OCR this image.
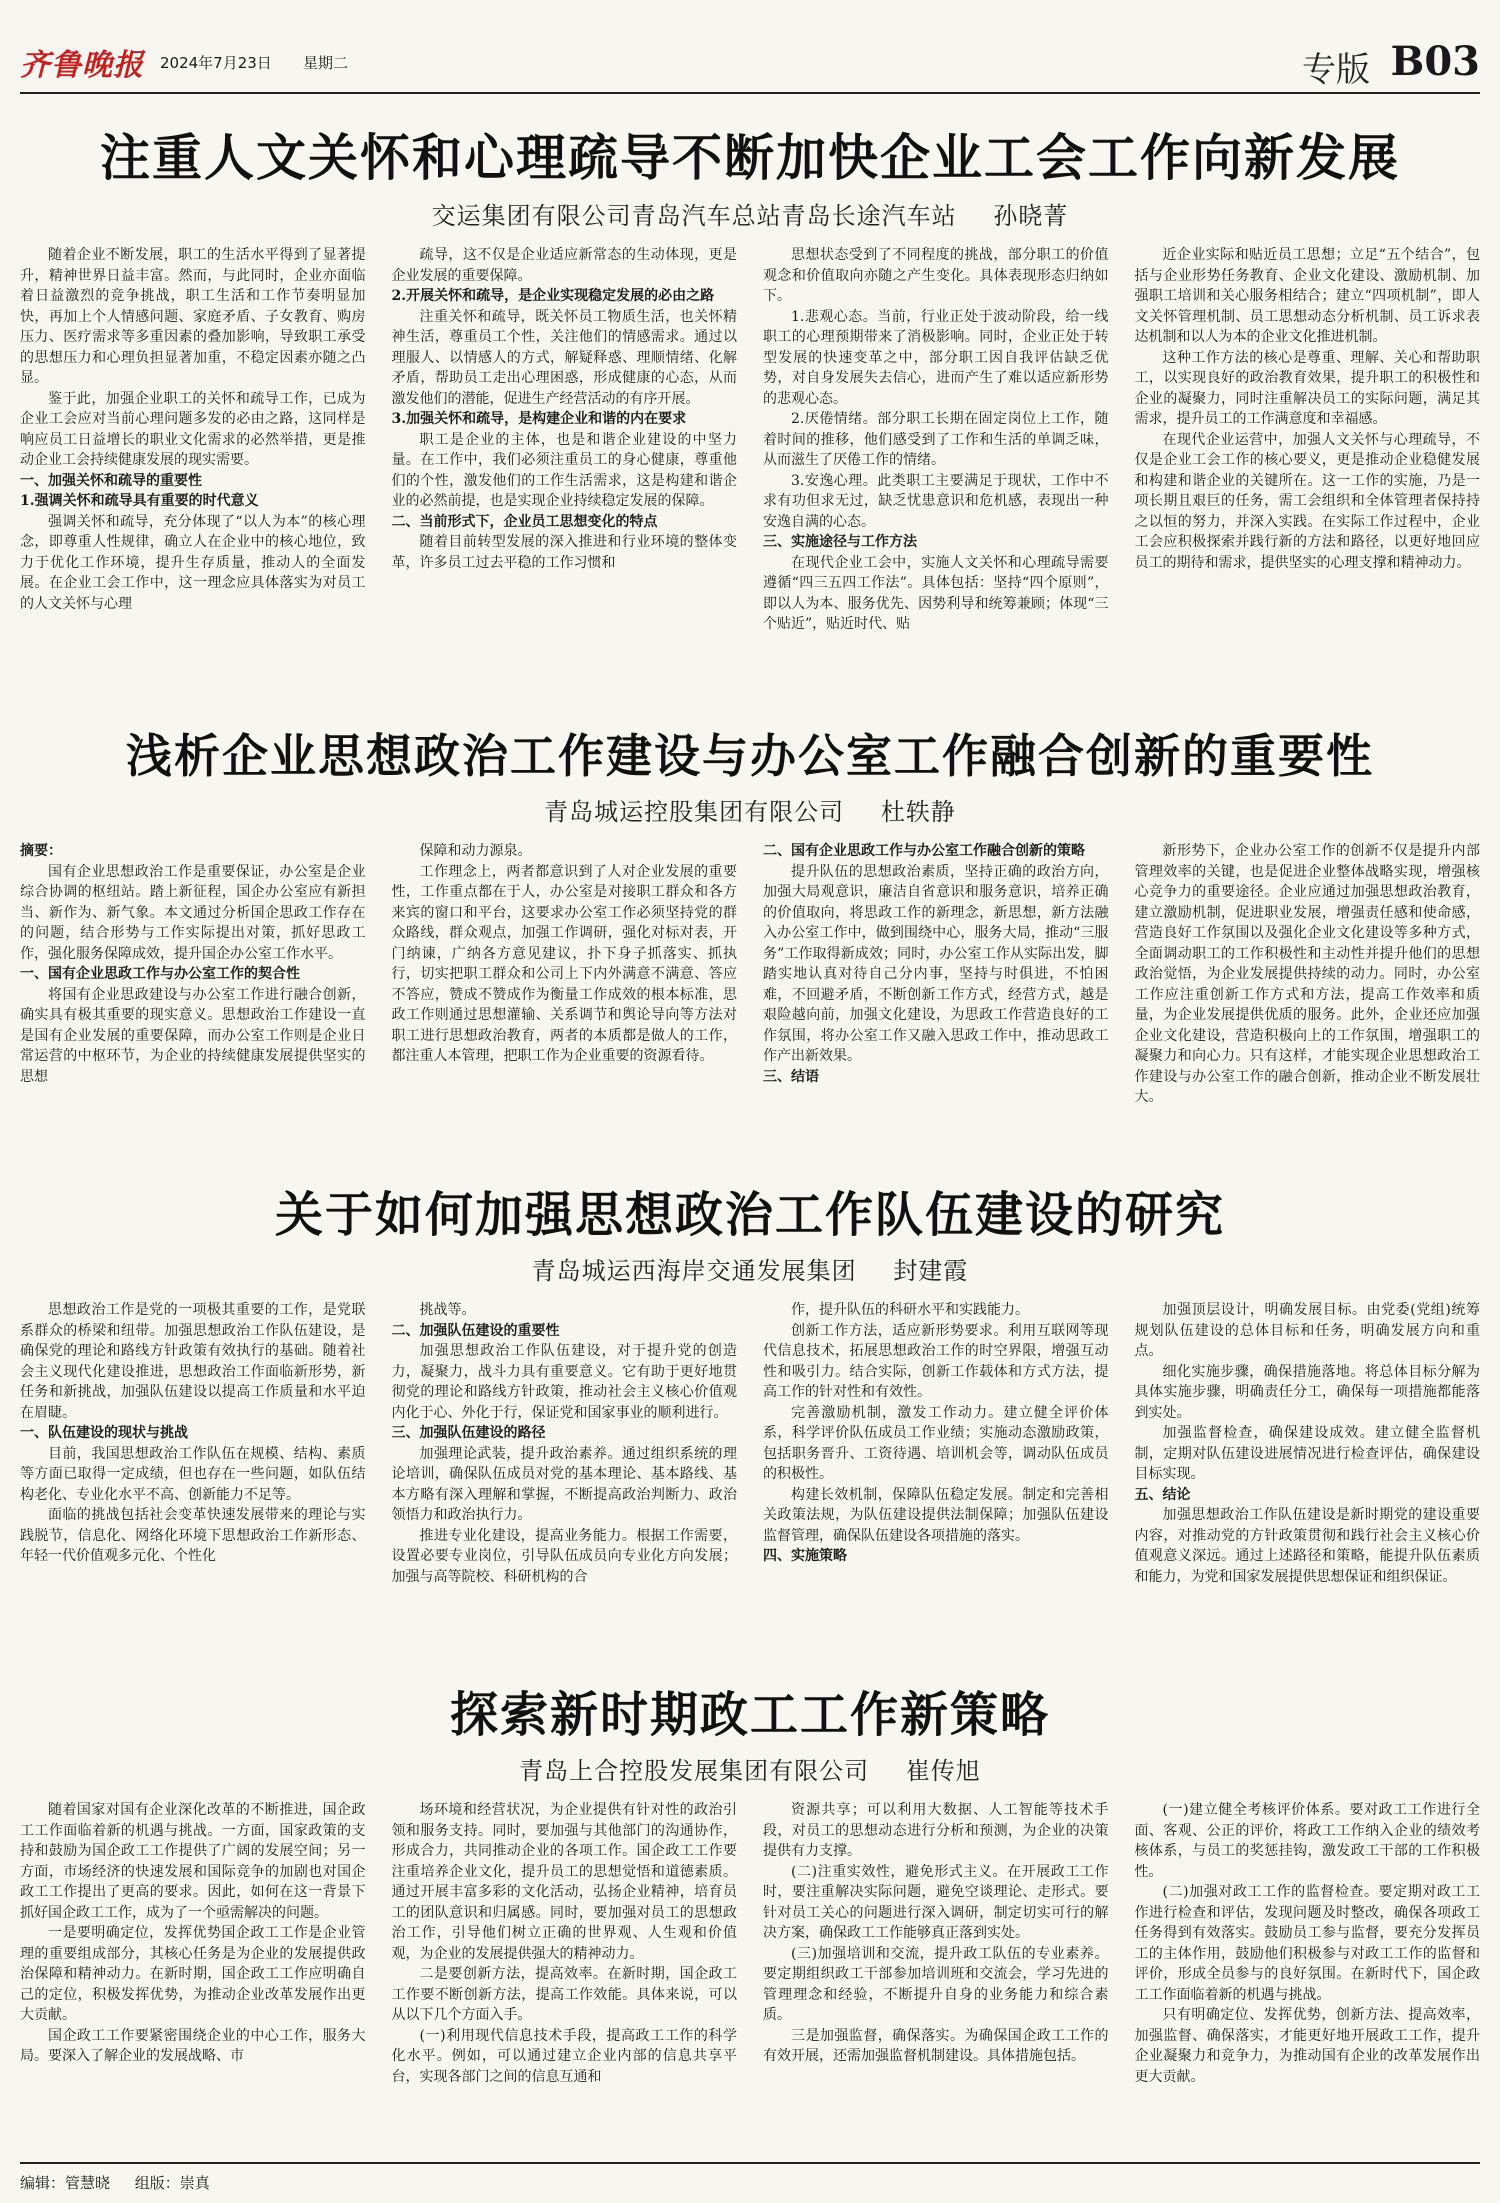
齐鲁晚报 2024年7月23日 星期二	专版 B03
注重人文关怀和心理疏导不断加快企业工会工作向新发展
交运集团有限公司青岛汽车总站青岛长途汽车站 孙晓菁

随着企业不断发展，职工的生活水平得到了显著提升，精神世界日益丰富。然而，与此同时，企业亦面临着日益激烈的竞争挑战，职工生活和工作节奏明显加快，再加上个人情感问题、家庭矛盾、子女教育、购房压力、医疗需求等多重因素的叠加影响，导致职工承受的思想压力和心理负担显著加重，不稳定因素亦随之凸显。

鉴于此，加强企业职工的关怀和疏导工作，已成为企业工会应对当前心理问题多发的必由之路，这同样是响应员工日益增长的职业文化需求的必然举措，更是推动企业工会持续健康发展的现实需要。

一、加强关怀和疏导的重要性
1.强调关怀和疏导具有重要的时代意义

强调关怀和疏导，充分体现了“以人为本”的核心理念，即尊重人性规律，确立人在企业中的核心地位，致力于优化工作环境，提升生存质量，推动人的全面发展。在企业工会工作中，这一理念应具体落实为对员工的人文关怀与心理

疏导，这不仅是企业适应新常态的生动体现，更是企业发展的重要保障。

2.开展关怀和疏导，是企业实现稳定发展的必由之路

注重关怀和疏导，既关怀员工物质生活，也关怀精神生活，尊重员工个性，关注他们的情感需求。通过以理服人、以情感人的方式，解疑释惑、理顺情绪、化解矛盾，帮助员工走出心理困惑，形成健康的心态，从而激发他们的潜能，促进生产经营活动的有序开展。

3.加强关怀和疏导，是构建企业和谐的内在要求

职工是企业的主体，也是和谐企业建设的中坚力量。在工作中，我们必须注重员工的身心健康，尊重他们的个性，激发他们的工作生活需求，这是构建和谐企业的必然前提，也是实现企业持续稳定发展的保障。

二、当前形式下，企业员工思想变化的特点

随着目前转型发展的深入推进和行业环境的整体变革，许多员工过去平稳的工作习惯和

思想状态受到了不同程度的挑战，部分职工的价值观念和价值取向亦随之产生变化。具体表现形态归纳如下。

1.悲观心态。当前，行业正处于波动阶段，给一线职工的心理预期带来了消极影响。同时，企业正处于转型发展的快速变革之中，部分职工因自我评估缺乏优势，对自身发展失去信心，进而产生了难以适应新形势的悲观心态。

2.厌倦情绪。部分职工长期在固定岗位上工作，随着时间的推移，他们感受到了工作和生活的单调乏味，从而滋生了厌倦工作的情绪。

3.安逸心理。此类职工主要满足于现状，工作中不求有功但求无过，缺乏忧患意识和危机感，表现出一种安逸自满的心态。

三、实施途径与工作方法

在现代企业工会中，实施人文关怀和心理疏导需要遵循“四三五四工作法”。具体包括：坚持“四个原则”，即以人为本、服务优先、因势利导和统筹兼顾；体现“三个贴近”，贴近时代、贴

近企业实际和贴近员工思想；立足“五个结合”，包括与企业形势任务教育、企业文化建设、激励机制、加强职工培训和关心服务相结合；建立“四项机制”，即人文关怀管理机制、员工思想动态分析机制、员工诉求表达机制和以人为本的企业文化推进机制。

这种工作方法的核心是尊重、理解、关心和帮助职工，以实现良好的政治教育效果，提升职工的积极性和企业的凝聚力，同时注重解决员工的实际问题，满足其需求，提升员工的工作满意度和幸福感。

在现代企业运营中，加强人文关怀与心理疏导，不仅是企业工会工作的核心要义，更是推动企业稳健发展和构建和谐企业的关键所在。这一工作的实施，乃是一项长期且艰巨的任务，需工会组织和全体管理者保持持之以恒的努力，并深入实践。在实际工作过程中，企业工会应积极探索并践行新的方法和路径，以更好地回应员工的期待和需求，提供坚实的心理支撑和精神动力。

浅析企业思想政治工作建设与办公室工作融合创新的重要性
青岛城运控股集团有限公司 杜轶静
摘要：

国有企业思想政治工作是重要保证，办公室是企业综合协调的枢纽站。踏上新征程，国企办公室应有新担当、新作为、新气象。本文通过分析国企思政工作存在的问题，结合形势与工作实际提出对策，抓好思政工作，强化服务保障成效，提升国企办公室工作水平。

一、国有企业思政工作与办公室工作的契合性

将国有企业思政建设与办公室工作进行融合创新，确实具有极其重要的现实意义。思想政治工作建设一直是国有企业发展的重要保障，而办公室工作则是企业日常运营的中枢环节，为企业的持续健康发展提供坚实的思想

保障和动力源泉。

工作理念上，两者都意识到了人对企业发展的重要性，工作重点都在于人，办公室是对接职工群众和各方来宾的窗口和平台，这要求办公室工作必须坚持党的群众路线，群众观点，加强工作调研，强化对标对表，开门纳谏，广纳各方意见建议，扑下身子抓落实、抓执行，切实把职工群众和公司上下内外满意不满意、答应不答应，赞成不赞成作为衡量工作成效的根本标准，思政工作则通过思想灌输、关系调节和舆论导向等方法对职工进行思想政治教育，两者的本质都是做人的工作，都注重人本管理，把职工作为企业重要的资源看待。

二、国有企业思政工作与办公室工作融合创新的策略

提升队伍的思想政治素质，坚持正确的政治方向，加强大局观意识，廉洁自省意识和服务意识，培养正确的价值取向，将思政工作的新理念，新思想，新方法融入办公室工作中，做到围绕中心，服务大局，推动“三服务”工作取得新成效；同时，办公室工作从实际出发，脚踏实地认真对待自己分内事，坚持与时俱进，不怕困难，不回避矛盾，不断创新工作方式，经营方式，越是艰险越向前，加强文化建设，为思政工作营造良好的工作氛围，将办公室工作又融入思政工作中，推动思政工作产出新效果。

三、结语

新形势下，企业办公室工作的创新不仅是提升内部管理效率的关键，也是促进企业整体战略实现，增强核心竞争力的重要途径。企业应通过加强思想政治教育，建立激励机制，促进职业发展，增强责任感和使命感，营造良好工作氛围以及强化企业文化建设等多种方式，全面调动职工的工作积极性和主动性并提升他们的思想政治觉悟，为企业发展提供持续的动力。同时，办公室工作应注重创新工作方式和方法，提高工作效率和质量，为企业发展提供优质的服务。此外，企业还应加强企业文化建设，营造积极向上的工作氛围，增强职工的凝聚力和向心力。只有这样，才能实现企业思想政治工作建设与办公室工作的融合创新，推动企业不断发展壮大。

关于如何加强思想政治工作队伍建设的研究
青岛城运西海岸交通发展集团 封建霞

思想政治工作是党的一项极其重要的工作，是党联系群众的桥梁和纽带。加强思想政治工作队伍建设，是确保党的理论和路线方针政策有效执行的基础。随着社会主义现代化建设推进，思想政治工作面临新形势，新任务和新挑战，加强队伍建设以提高工作质量和水平迫在眉睫。

一、队伍建设的现状与挑战

目前，我国思想政治工作队伍在规模、结构、素质等方面已取得一定成绩，但也存在一些问题，如队伍结构老化、专业化水平不高、创新能力不足等。

面临的挑战包括社会变革快速发展带来的理论与实践脱节，信息化、网络化环境下思想政治工作新形态、年轻一代价值观多元化、个性化

挑战等。

二、加强队伍建设的重要性

加强思想政治工作队伍建设，对于提升党的创造力，凝聚力，战斗力具有重要意义。它有助于更好地贯彻党的理论和路线方针政策，推动社会主义核心价值观内化于心、外化于行，保证党和国家事业的顺利进行。

三、加强队伍建设的路径

加强理论武装，提升政治素养。通过组织系统的理论培训，确保队伍成员对党的基本理论、基本路线、基本方略有深入理解和掌握，不断提高政治判断力、政治领悟力和政治执行力。

推进专业化建设，提高业务能力。根据工作需要，设置必要专业岗位，引导队伍成员向专业化方向发展；加强与高等院校、科研机构的合

作，提升队伍的科研水平和实践能力。

创新工作方法，适应新形势要求。利用互联网等现代信息技术，拓展思想政治工作的时空界限，增强互动性和吸引力。结合实际，创新工作载体和方式方法，提高工作的针对性和有效性。

完善激励机制，激发工作动力。建立健全评价体系，科学评价队伍成员工作业绩；实施动态激励政策，包括职务晋升、工资待遇、培训机会等，调动队伍成员的积极性。

构建长效机制，保障队伍稳定发展。制定和完善相关政策法规，为队伍建设提供法制保障；加强队伍建设监督管理，确保队伍建设各项措施的落实。

四、实施策略

加强顶层设计，明确发展目标。由党委(党组)统筹规划队伍建设的总体目标和任务，明确发展方向和重点。

细化实施步骤，确保措施落地。将总体目标分解为具体实施步骤，明确责任分工，确保每一项措施都能落到实处。

加强监督检查，确保建设成效。建立健全监督机制，定期对队伍建设进展情况进行检查评估，确保建设目标实现。

五、结论

加强思想政治工作队伍建设是新时期党的建设重要内容，对推动党的方针政策贯彻和践行社会主义核心价值观意义深远。通过上述路径和策略，能提升队伍素质和能力，为党和国家发展提供思想保证和组织保证。

探索新时期政工工作新策略
青岛上合控股发展集团有限公司 崔传旭

随着国家对国有企业深化改革的不断推进，国企政工工作面临着新的机遇与挑战。一方面，国家政策的支持和鼓励为国企政工工作提供了广阔的发展空间；另一方面，市场经济的快速发展和国际竞争的加剧也对国企政工工作提出了更高的要求。因此，如何在这一背景下抓好国企政工工作，成为了一个亟需解决的问题。

一是要明确定位，发挥优势国企政工工作是企业管理的重要组成部分，其核心任务是为企业的发展提供政治保障和精神动力。在新时期，国企政工工作应明确自己的定位，积极发挥优势，为推动企业改革发展作出更大贡献。

国企政工工作要紧密围绕企业的中心工作，服务大局。要深入了解企业的发展战略、市

场环境和经营状况，为企业提供有针对性的政治引领和服务支持。同时，要加强与其他部门的沟通协作，形成合力，共同推动企业的各项工作。国企政工工作要注重培养企业文化，提升员工的思想觉悟和道德素质。通过开展丰富多彩的文化活动，弘扬企业精神，培育员工的团队意识和归属感。同时，要加强对员工的思想政治工作，引导他们树立正确的世界观、人生观和价值观，为企业的发展提供强大的精神动力。

二是要创新方法，提高效率。在新时期，国企政工工作要不断创新方法，提高工作效能。具体来说，可以从以下几个方面入手。

(一)利用现代信息技术手段，提高政工工作的科学化水平。例如，可以通过建立企业内部的信息共享平台，实现各部门之间的信息互通和

资源共享；可以利用大数据、人工智能等技术手段，对员工的思想动态进行分析和预测，为企业的决策提供有力支撑。

(二)注重实效性，避免形式主义。在开展政工工作时，要注重解决实际问题，避免空谈理论、走形式。要针对员工关心的问题进行深入调研，制定切实可行的解决方案，确保政工工作能够真正落到实处。

(三)加强培训和交流，提升政工队伍的专业素养。要定期组织政工干部参加培训班和交流会，学习先进的管理理念和经验，不断提升自身的业务能力和综合素质。

三是加强监督，确保落实。为确保国企政工工作的有效开展，还需加强监督机制建设。具体措施包括。

(一)建立健全考核评价体系。要对政工工作进行全面、客观、公正的评价，将政工工作纳入企业的绩效考核体系，与员工的奖惩挂钩，激发政工干部的工作积极性。

(二)加强对政工工作的监督检查。要定期对政工工作进行检查和评估，发现问题及时整改，确保各项政工任务得到有效落实。鼓励员工参与监督，要充分发挥员工的主体作用，鼓励他们积极参与对政工工作的监督和评价，形成全员参与的良好氛围。在新时代下，国企政工工作面临着新的机遇与挑战。

只有明确定位、发挥优势，创新方法、提高效率，加强监督、确保落实，才能更好地开展政工工作，提升企业凝聚力和竞争力，为推动国有企业的改革发展作出更大贡献。

编辑：管慧晓 组版：崇真
